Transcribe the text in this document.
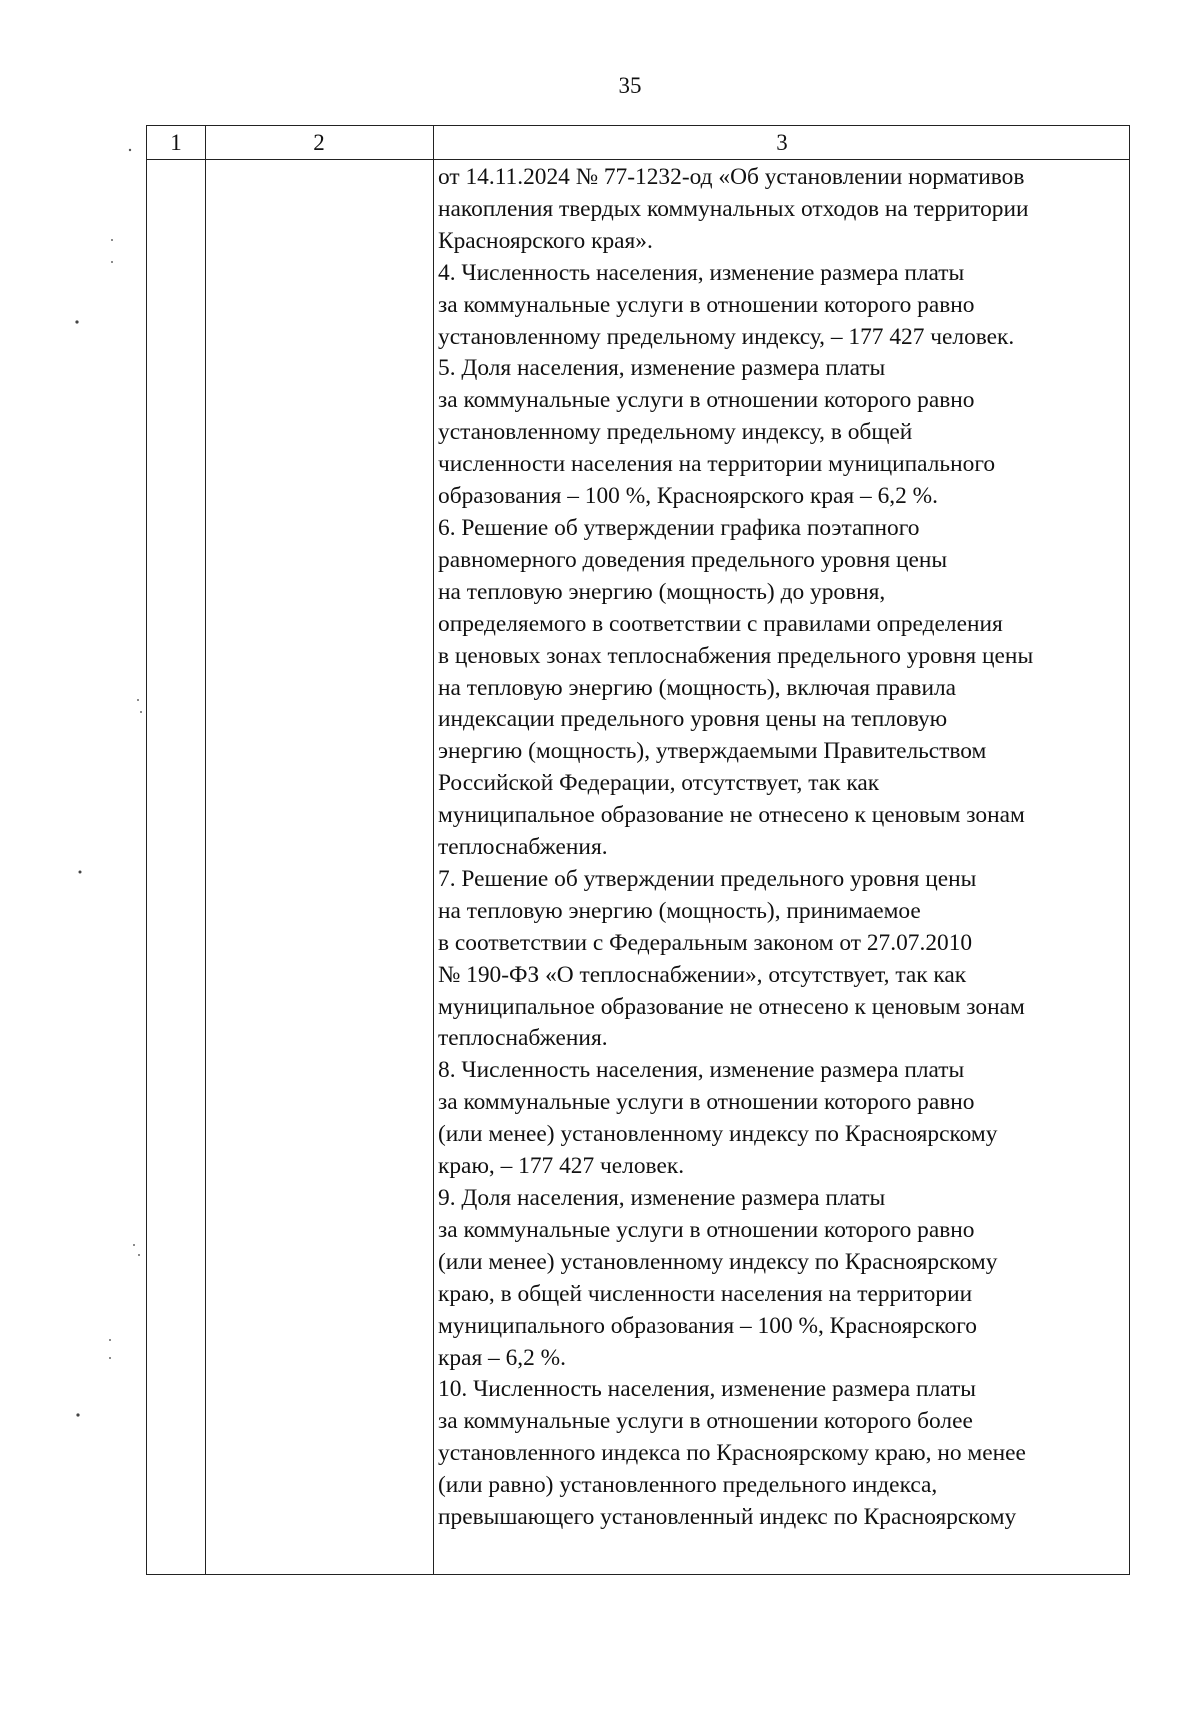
35
1	2	3
от 14.11.2024 № 77-1232-од «Об установлении нормативов
накопления твердых коммунальных отходов на территории
Красноярского края».
4. Численность населения, изменение размера платы
за коммунальные услуги в отношении которого равно
установленному предельному индексу, – 177 427 человек.
5. Доля населения, изменение размера платы
за коммунальные услуги в отношении которого равно
установленному предельному индексу, в общей
численности населения на территории муниципального
образования – 100 %, Красноярского края – 6,2 %.
6. Решение об утверждении графика поэтапного
равномерного доведения предельного уровня цены
на тепловую энергию (мощность) до уровня,
определяемого в соответствии с правилами определения
в ценовых зонах теплоснабжения предельного уровня цены
на тепловую энергию (мощность), включая правила
индексации предельного уровня цены на тепловую
энергию (мощность), утверждаемыми Правительством
Российской Федерации, отсутствует, так как
муниципальное образование не отнесено к ценовым зонам
теплоснабжения.
7. Решение об утверждении предельного уровня цены
на тепловую энергию (мощность), принимаемое
в соответствии с Федеральным законом от 27.07.2010
№ 190-ФЗ «О теплоснабжении», отсутствует, так как
муниципальное образование не отнесено к ценовым зонам
теплоснабжения.
8. Численность населения, изменение размера платы
за коммунальные услуги в отношении которого равно
(или менее) установленному индексу по Красноярскому
краю, – 177 427 человек.
9. Доля населения, изменение размера платы
за коммунальные услуги в отношении которого равно
(или менее) установленному индексу по Красноярскому
краю, в общей численности населения на территории
муниципального образования – 100 %, Красноярского
края – 6,2 %.
10. Численность населения, изменение размера платы
за коммунальные услуги в отношении которого более
установленного индекса по Красноярскому краю, но менее
(или равно) установленного предельного индекса,
превышающего установленный индекс по Красноярскому
